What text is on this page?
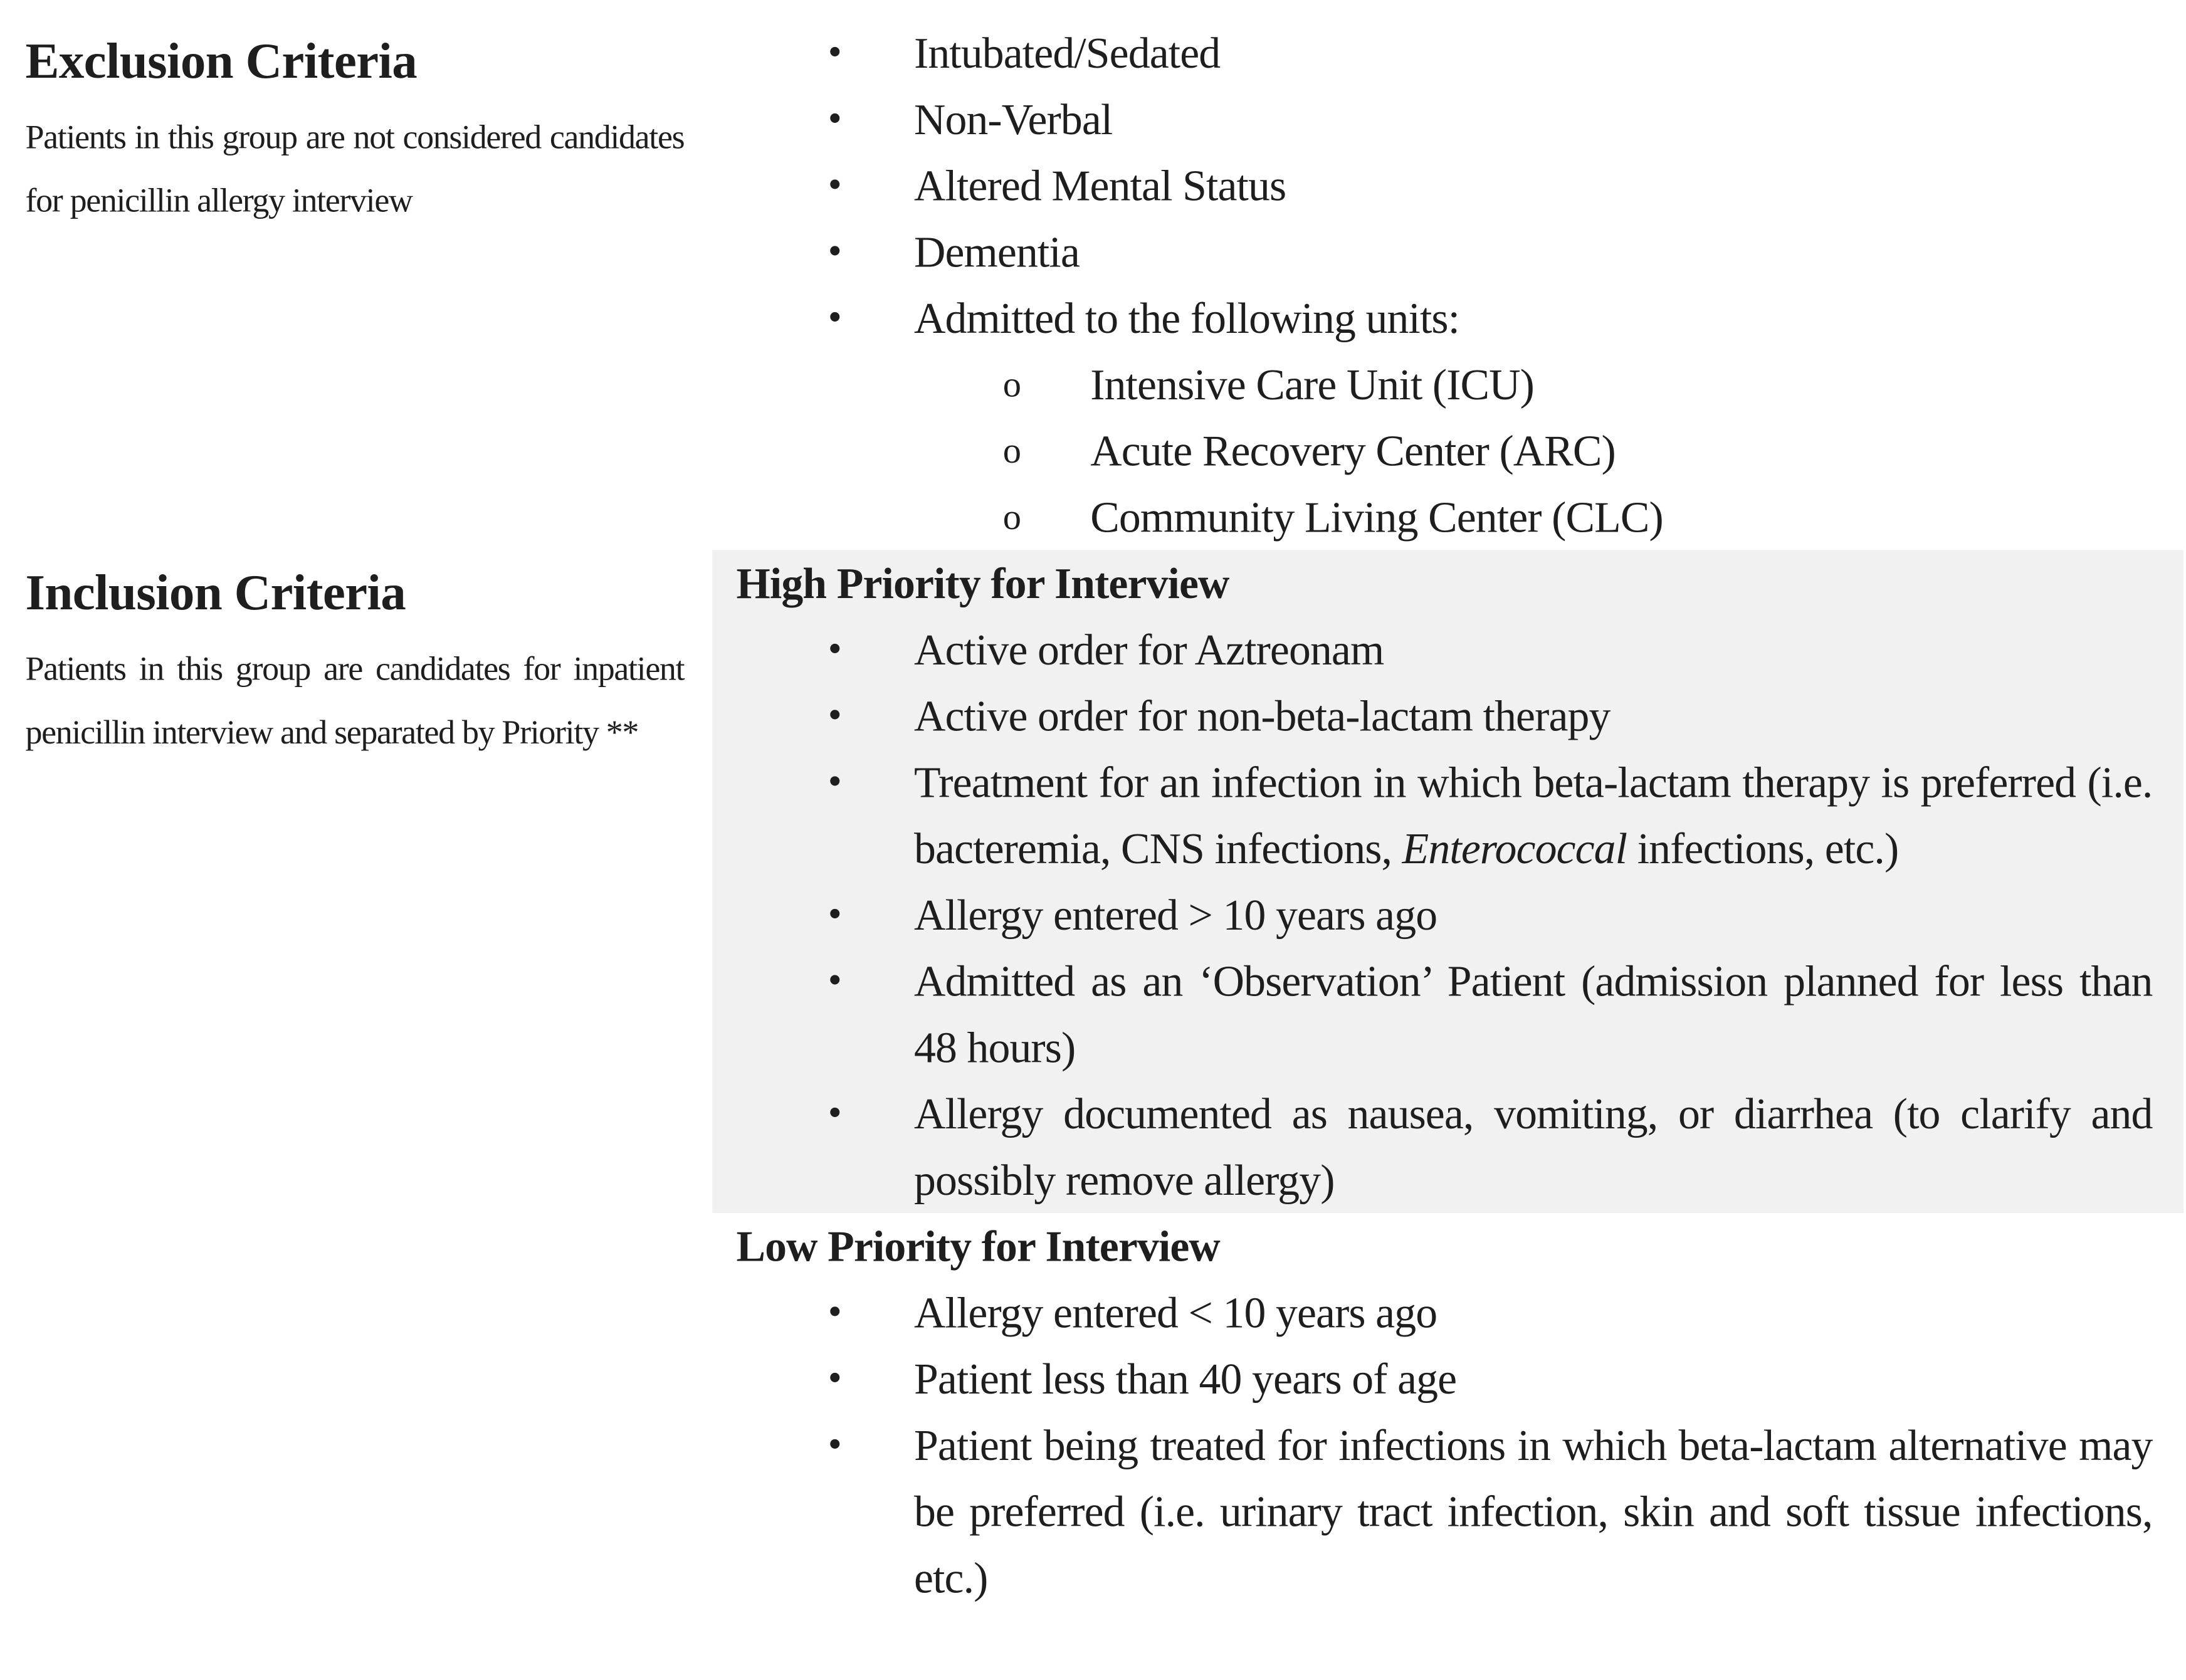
Exclusion Criteria
Patients in this group are not considered candidates for penicillin allergy interview
Inclusion Criteria
Patients in this group are candidates for inpatient penicillin interview and separated by Priority **
•	Intubated/Sedated
•	Non-Verbal
•	Altered Mental Status
•	Dementia
•	Admitted to the following units:
o	Intensive Care Unit (ICU)
o	Acute Recovery Center (ARC)
o	Community Living Center (CLC)
High Priority for Interview
•	Active order for Aztreonam
•	Active order for non-beta-lactam therapy
•	Treatment for an infection in which beta-lactam therapy is preferred (i.e. bacteremia, CNS infections, Enterococcal infections, etc.)
•	Allergy entered > 10 years ago
•	Admitted as an ‘Observation’ Patient (admission planned for less than 48 hours)
•	Allergy documented as nausea, vomiting, or diarrhea (to clarify and possibly remove allergy)
Low Priority for Interview
•	Allergy entered < 10 years ago
•	Patient less than 40 years of age
•	Patient being treated for infections in which beta-lactam alternative may be preferred (i.e. urinary tract infection, skin and soft tissue infections, etc.)
